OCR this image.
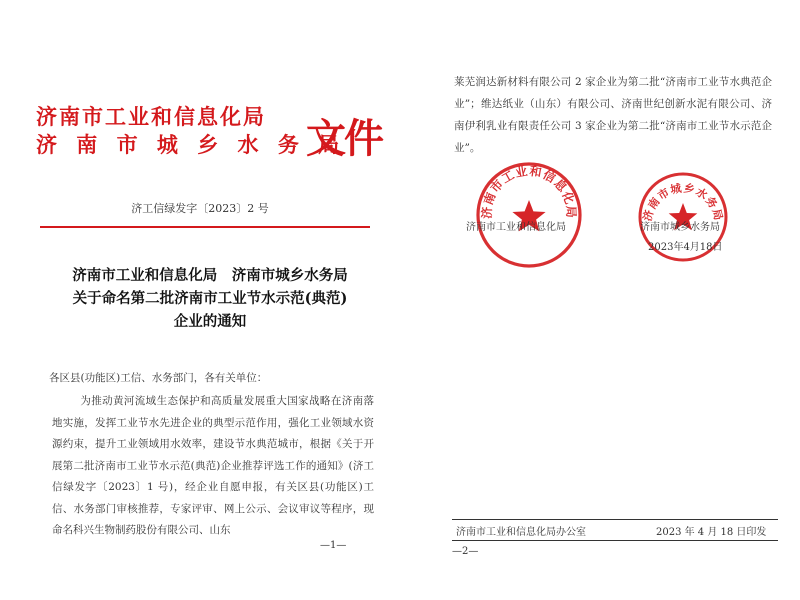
济南市工业和信息化局
济 南 市 城 乡 水 务 局
文件
济工信绿发字〔2023〕2 号
济南市工业和信息化局　济南市城乡水务局
关于命名第二批济南市工业节水示范(典范)
企业的通知
各区县(功能区)工信、水务部门，各有关单位：

为推动黄河流域生态保护和高质量发展重大国家战略在济南落地实施，发挥工业节水先进企业的典型示范作用，强化工业领域水资源约束，提升工业领域用水效率，建设节水典范城市，根据《关于开展第二批济南市工业节水示范(典范)企业推荐评选工作的通知》(济工信绿发字〔2023〕1 号)，经企业自愿申报，有关区县(功能区)工信、水务部门审核推荐，专家评审、网上公示、会议审议等程序，现命名科兴生物制药股份有限公司、山东

—1—

莱芜润达新材料有限公司 2 家企业为第二批“济南市工业节水典范企业”；维达纸业（山东）有限公司、济南世纪创新水泥有限公司、济南伊利乳业有限责任公司 3 家企业为第二批“济南市工业节水示范企业”。

济南市工业和信息化局	济南市城乡水务局
济南市工业和信息化局	济南市城乡水务局
2023年4月18日
济南市工业和信息化局办公室	2023 年 4 月 18 日印发
—2—
